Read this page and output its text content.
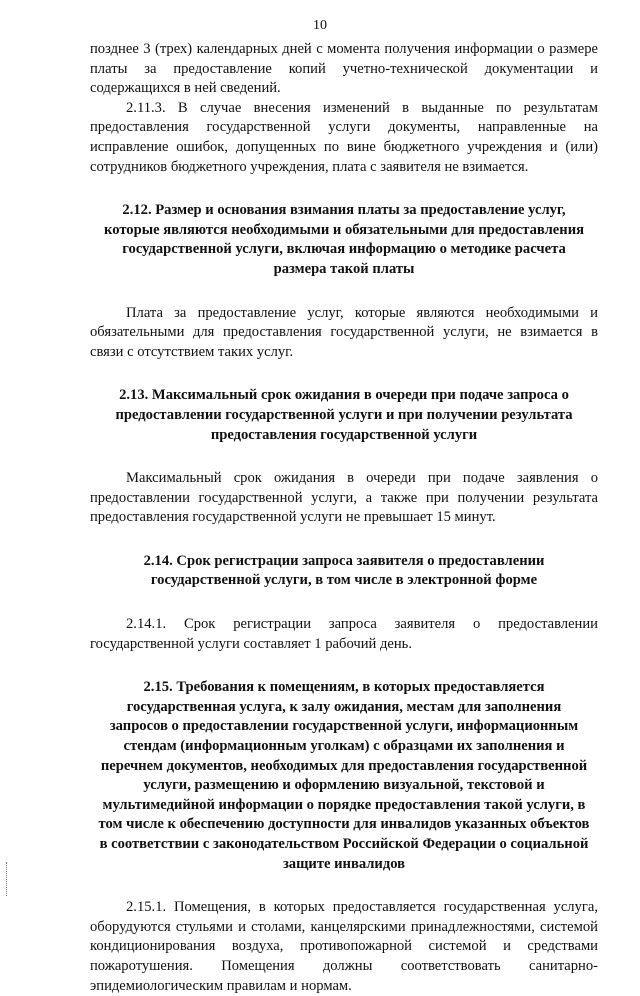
10

позднее 3 (трех) календарных дней с момента получения информации о размере платы за предоставление копий учетно-технической документации и содержащихся в ней сведений.

2.11.3. В случае внесения изменений в выданные по результатам предоставления государственной услуги документы, направленные на исправление ошибок, допущенных по вине бюджетного учреждения и (или) сотрудников бюджетного учреждения, плата с заявителя не взимается.

2.12. Размер и основания взимания платы за предоставление услуг, которые являются необходимыми и обязательными для предоставления государственной услуги, включая информацию о методике расчета размера такой платы

Плата за предоставление услуг, которые являются необходимыми и обязательными для предоставления государственной услуги, не взимается в связи с отсутствием таких услуг.

2.13. Максимальный срок ожидания в очереди при подаче запроса о предоставлении государственной услуги и при получении результата предоставления государственной услуги

Максимальный срок ожидания в очереди при подаче заявления о предоставлении государственной услуги, а также при получении результата предоставления государственной услуги не превышает 15 минут.

2.14. Срок регистрации запроса заявителя о предоставлении государственной услуги, в том числе в электронной форме

2.14.1. Срок регистрации запроса заявителя о предоставлении государственной услуги составляет 1 рабочий день.

2.15. Требования к помещениям, в которых предоставляется государственная услуга, к залу ожидания, местам для заполнения запросов о предоставлении государственной услуги, информационным стендам (информационным уголкам) с образцами их заполнения и перечнем документов, необходимых для предоставления государственной услуги, размещению и оформлению визуальной, текстовой и мультимедийной информации о порядке предоставления такой услуги, в том числе к обеспечению доступности для инвалидов указанных объектов в соответствии с законодательством Российской Федерации о социальной защите инвалидов

2.15.1. Помещения, в которых предоставляется государственная услуга, оборудуются стульями и столами, канцелярскими принадлежностями, системой кондиционирования воздуха, противопожарной системой и средствами пожаротушения. Помещения должны соответствовать санитарно-эпидемиологическим правилам и нормам.
